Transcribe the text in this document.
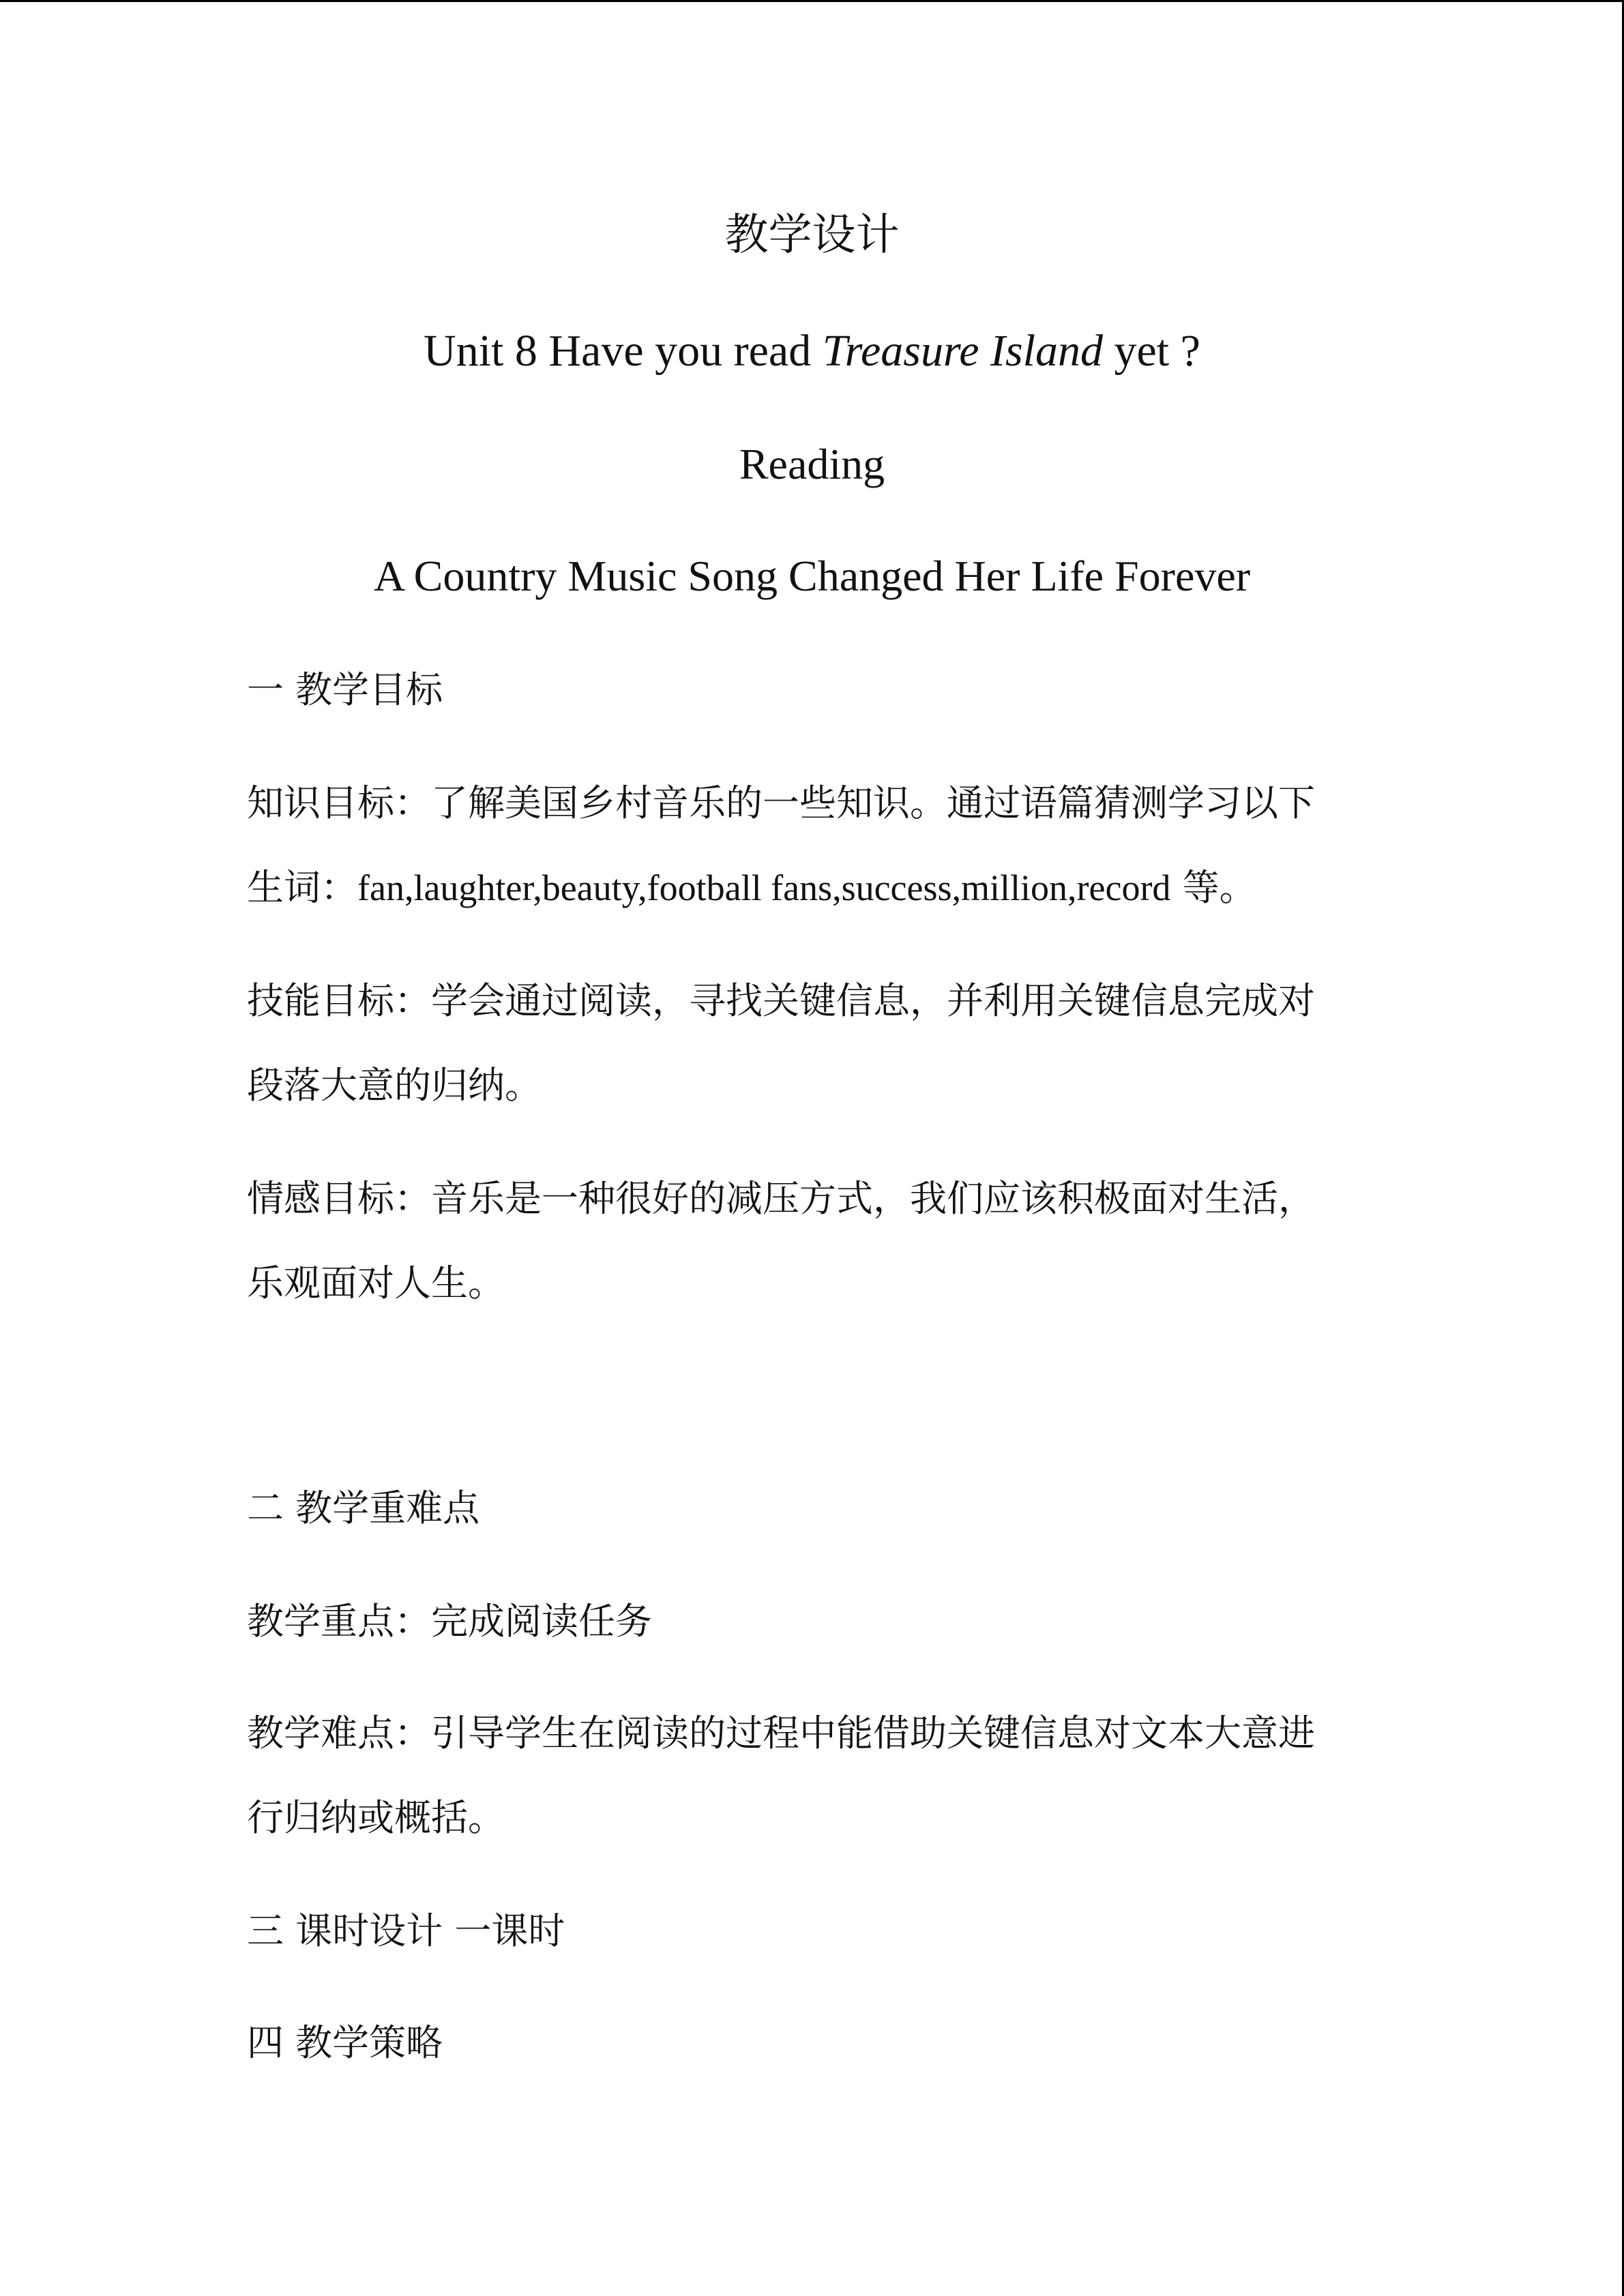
教学设计
Unit 8 Have you read Treasure Island yet ?
Reading
A Country Music Song Changed Her Life Forever

一 教学目标

知识目标：了解美国乡村音乐的一些知识。通过语篇猜测学习以下

生词：fan,laughter,beauty,football fans,success,million,record 等。

技能目标：学会通过阅读，寻找关键信息，并利用关键信息完成对

段落大意的归纳。

情感目标：音乐是一种很好的减压方式，我们应该积极面对生活，

乐观面对人生。

二 教学重难点

教学重点：完成阅读任务

教学难点：引导学生在阅读的过程中能借助关键信息对文本大意进

行归纳或概括。

三 课时设计 一课时

四 教学策略
